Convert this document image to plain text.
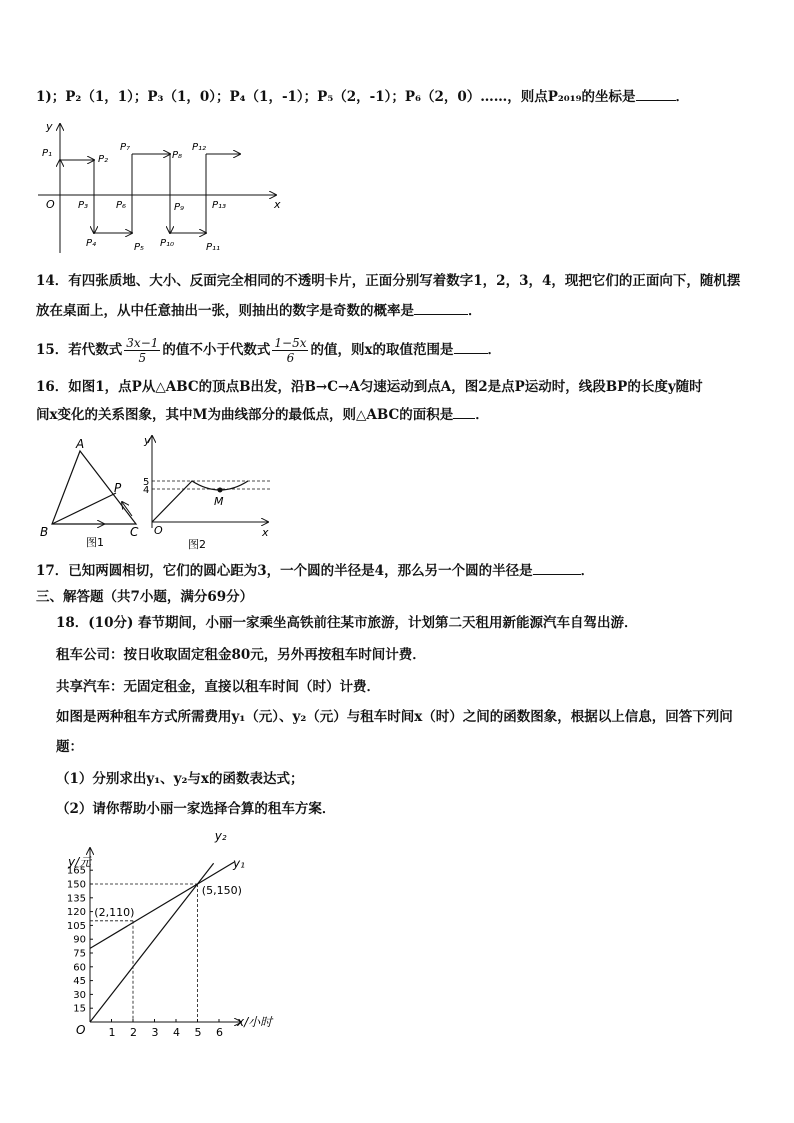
1)；P₂（1，1）；P₃（1，0）；P₄（1，-1）；P₅（2，-1）；P₆（2，0）……，则点P₂₀₁₉的坐标是	．
y
x
O
P₁
P₂
P₇
P₈
P₁₂
P₃	P₆	P₉	P₁₃
P₄	P₅ P₁₀	P₁₁
14．有四张质地、大小、反面完全相同的不透明卡片，正面分别写着数字1，2，3，4，现把它们的正面向下，随机摆
放在桌面上，从中任意抽出一张，则抽出的数字是奇数的概率是	．
15．若代数式 $\frac{3x-1}{5}$ 的值不小于代数式 $\frac{1-5x}{6}$ 的值，则x的取值范围是	．
16．如图1，点P从△ABC的顶点B出发，沿B→C→A匀速运动到点A，图2是点P运动时，线段BP的长度y随时
间x变化的关系图象，其中M为曲线部分的最低点，则△ABC的面积是 ．
A
B	C
P
图1
y
x
O
M
5
4
图2
17．已知两圆相切，它们的圆心距为3，一个圆的半径是4，那么另一个圆的半径是	．
三、解答题（共7小题，满分69分）
18．(10分) 春节期间，小丽一家乘坐高铁前往某市旅游，计划第二天租用新能源汽车自驾出游．
租车公司：按日收取固定租金80元，另外再按租车时间计费．
共享汽车：无固定租金，直接以租车时间（时）计费．
如图是两种租车方式所需费用y₁（元）、y₂（元）与租车时间x（时）之间的函数图象，根据以上信息，回答下列问
题：
（1）分别求出y₁、y₂与x的函数表达式；
（2）请你帮助小丽一家选择合算的租车方案．
1 2 3 4 5 6
15
30
45
60
75
90
105
120
135
150
165
y/元
x/小时
O
y₁
y₂
(2,110)
(5,150)
